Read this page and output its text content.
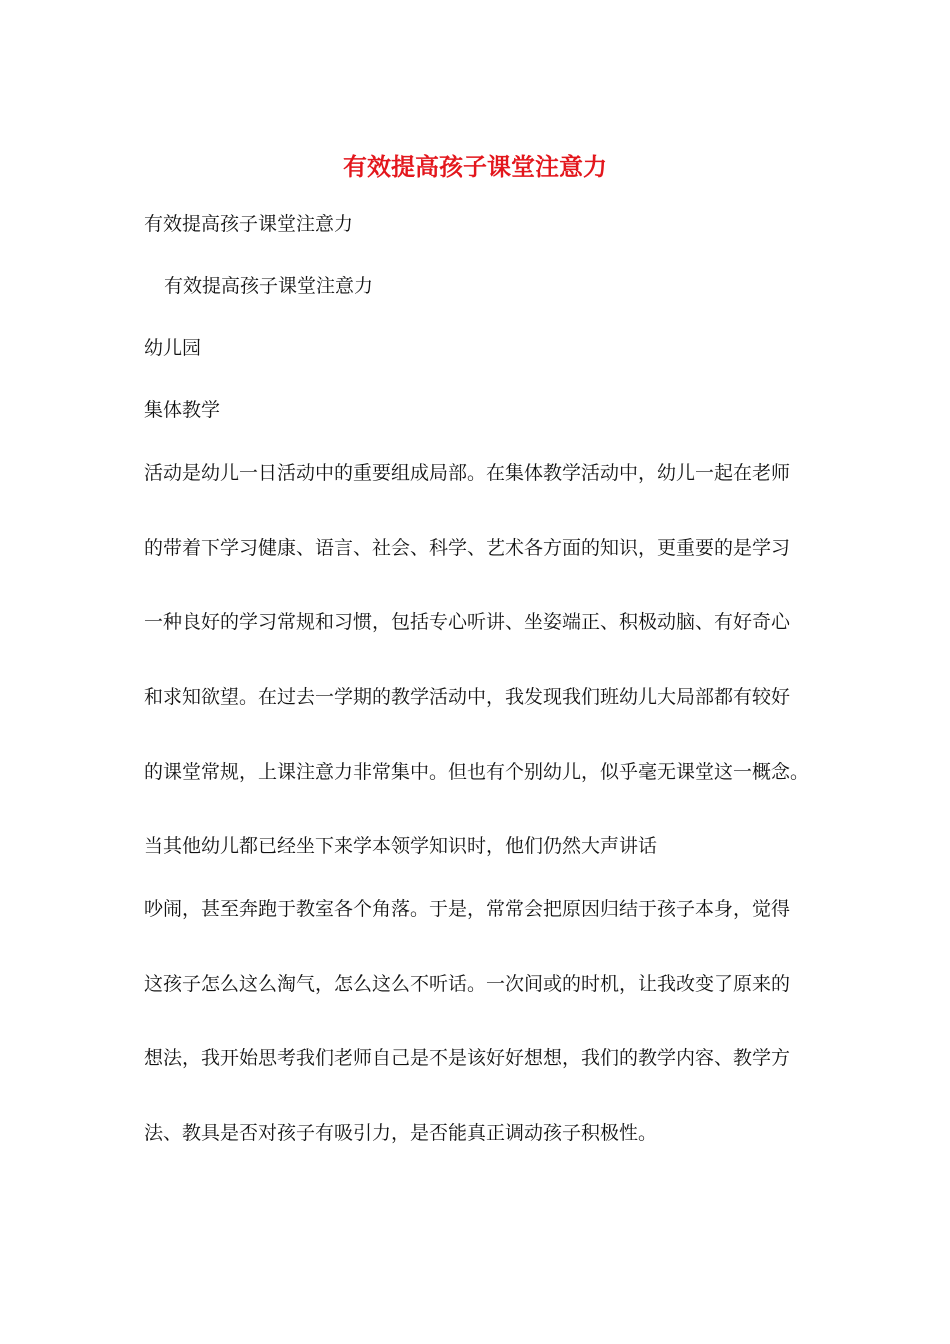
有效提高孩子课堂注意力
有效提高孩子课堂注意力
有效提高孩子课堂注意力
幼儿园
集体教学
活动是幼儿一日活动中的重要组成局部。在集体教学活动中，幼儿一起在老师
的带着下学习健康、语言、社会、科学、艺术各方面的知识，更重要的是学习
一种良好的学习常规和习惯，包括专心听讲、坐姿端正、积极动脑、有好奇心
和求知欲望。在过去一学期的教学活动中，我发现我们班幼儿大局部都有较好
的课堂常规，上课注意力非常集中。但也有个别幼儿，似乎毫无课堂这一概念。
当其他幼儿都已经坐下来学本领学知识时，他们仍然大声讲话
吵闹，甚至奔跑于教室各个角落。于是，常常会把原因归结于孩子本身，觉得
这孩子怎么这么淘气，怎么这么不听话。一次间或的时机，让我改变了原来的
想法，我开始思考我们老师自己是不是该好好想想，我们的教学内容、教学方
法、教具是否对孩子有吸引力，是否能真正调动孩子积极性。
